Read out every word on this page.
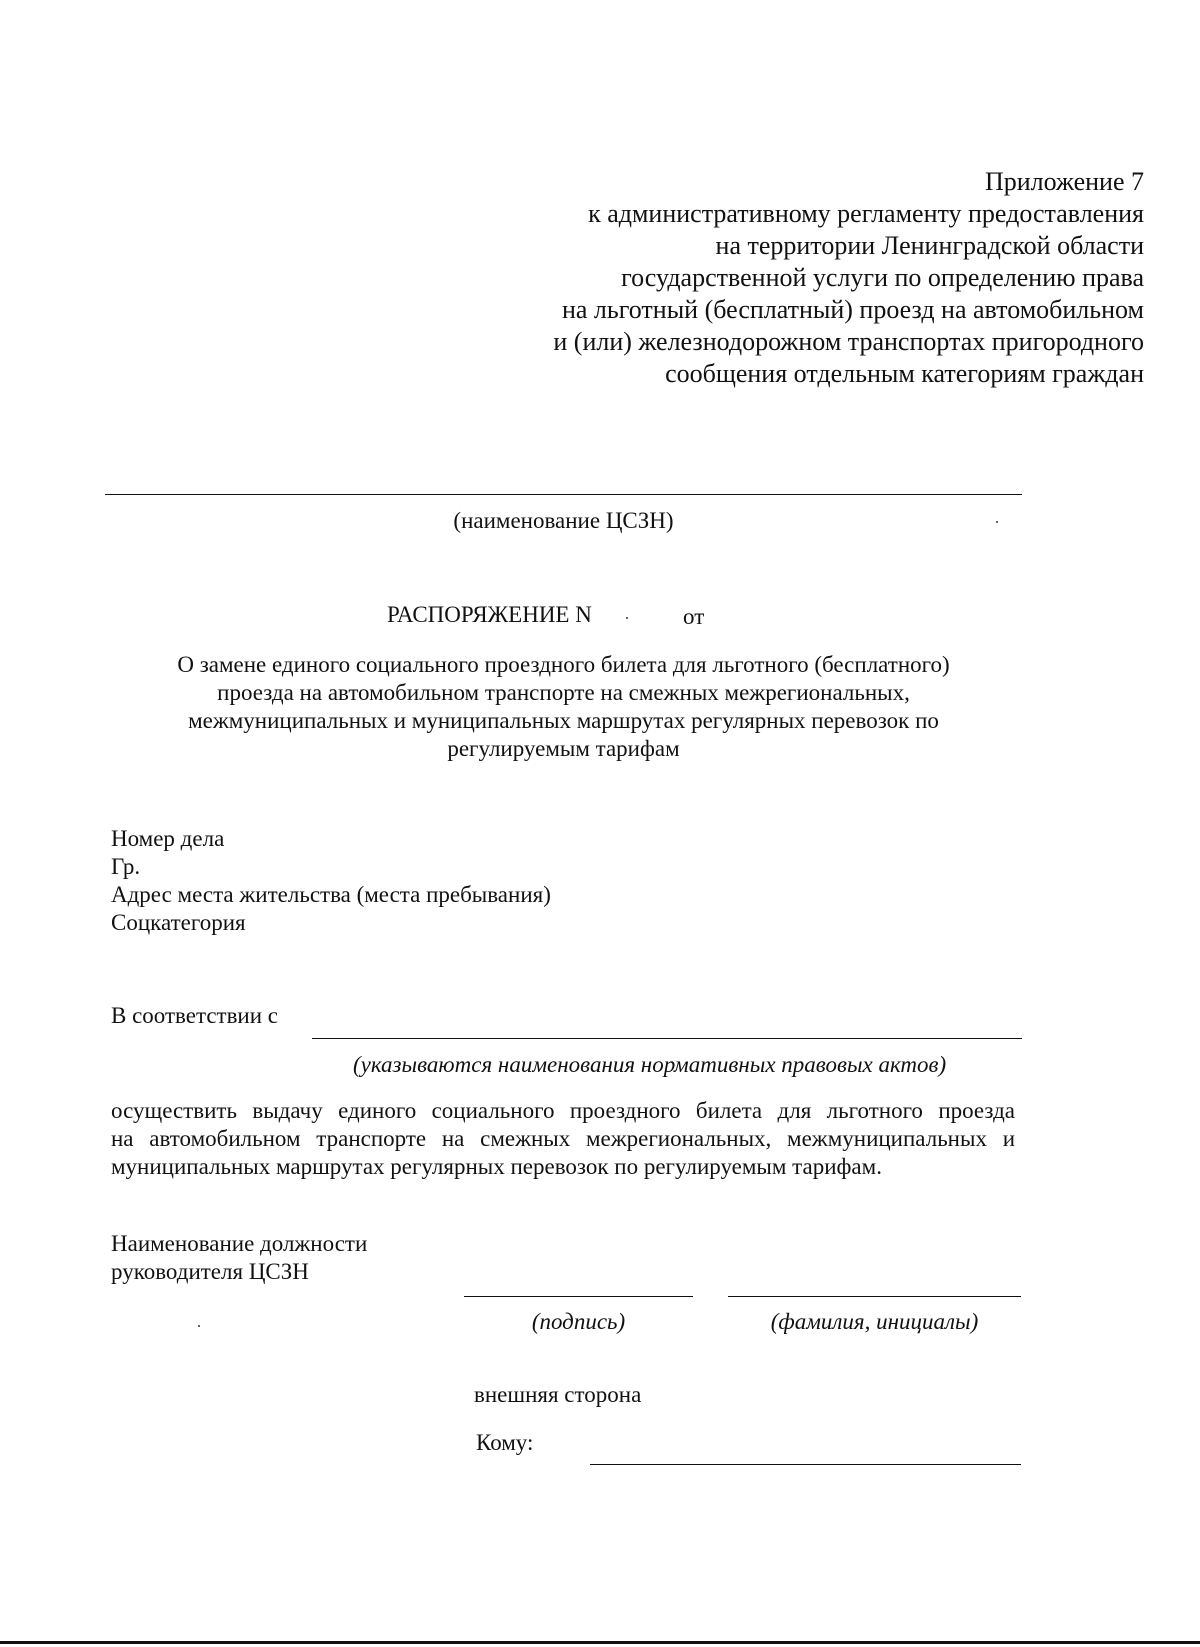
Приложение 7
к административному регламенту предоставления
на территории Ленинградской области
государственной услуги по определению права
на льготный (бесплатный) проезд на автомобильном
и (или) железнодорожном транспортах пригородного
сообщения отдельным категориям граждан
(наименование ЦСЗН)
РАСПОРЯЖЕНИЕ N	от
О замене единого социального проездного билета для льготного (бесплатного)
проезда на автомобильном транспорте на смежных межрегиональных,
межмуниципальных и муниципальных маршрутах регулярных перевозок по
регулируемым тарифам
Номер дела
Гр.
Адрес места жительства (места пребывания)
Соцкатегория
В соответствии с
(указываются наименования нормативных правовых актов)
осуществить выдачу единого социального проездного билета для льготного проезда
на автомобильном транспорте на смежных межрегиональных, межмуниципальных и
муниципальных маршрутах регулярных перевозок по регулируемым тарифам.
Наименование должности
руководителя ЦСЗН
(подпись)	(фамилия, инициалы)
внешняя сторона
Кому:
